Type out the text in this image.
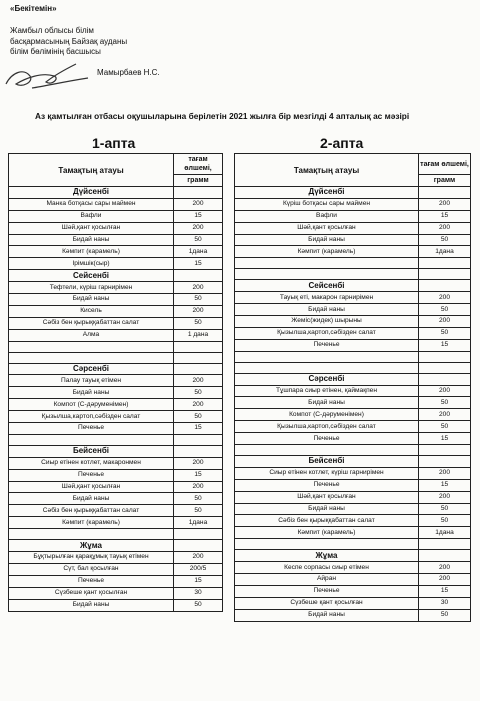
«Бекітемін»
Жамбыл облысы білім
басқармасының Байзақ ауданы
білім бөлімінің басшысы
Мамырбаев Н.С.
Аз қамтылған отбасы оқушыларына берілетін 2021 жылға бір мезгілді 4 апталық ас мәзірі
1-апта	2-апта
Тамақтың атауы	тағам өлшемі,
	грамм
Дүйсенбі	
Манка ботқасы сары маймен	200
Вафли	15
Шәй,қант қосылған	200
Бидай наны	50
Кәмпит (карамель)	1дана
Ірімшік(сыр)	15
Сейсенбі	
Тефтели, күріш гарнирімен	200
Бидай наны	50
Кисель	200
Сәбіз бен қырыққабаттан салат	50
Алма	1 дана

Сәрсенбі	
Палау тауық етімен	200
Бидай наны	50
Компот (С-дәруменімен)	200
Қызылша,картоп,сәбізден салат	50
Печенье	15

Бейсенбі	
Сиыр етінен котлет, макаронмен	200
Печенье	15
Шәй,қант қосылған	200
Бидай наны	50
Сәбіз бен қырыққабаттан салат	50
Кәмпит (карамель)	1дана

Жұма	
Бұқтырылған қарақұмық тауық етімен	200
Сүт, бал қосылған	200/5
Печенье	15
Сүзбеше қант қосылған	30
Бидай наны	50
Тамақтың атауы	тағам өлшемі,
	грамм
Дүйсенбі	
Күріш ботқасы сары маймен	200
Вафли	15
Шәй,қант қосылған	200
Бидай наны	50
Кәмпит (карамель)	1дана

Сейсенбі	
Тауық еті, макарон гарнирімен	200
Бидай наны	50
Жеміс(жидек) шырыны	200
Қызылша,картоп,сәбізден салат	50
Печенье	15

Сәрсенбі	
Тұшпара сиыр етінен, қаймақпен	200
Бидай наны	50
Компот (С-дәруменімен)	200
Қызылша,картоп,сәбізден салат	50
Печенье	15

Бейсенбі	
Сиыр етінен котлет, күріш гарнирімен	200
Печенье	15
Шәй,қант қосылған	200
Бидай наны	50
Сәбіз бен қырыққабаттан салат	50
Кәмпит (карамель)	1дана

Жұма	
Кеспе сорпасы сиыр етімен	200
Айран	200
Печенье	15
Сүзбеше қант қосылған	30
Бидай наны	50
